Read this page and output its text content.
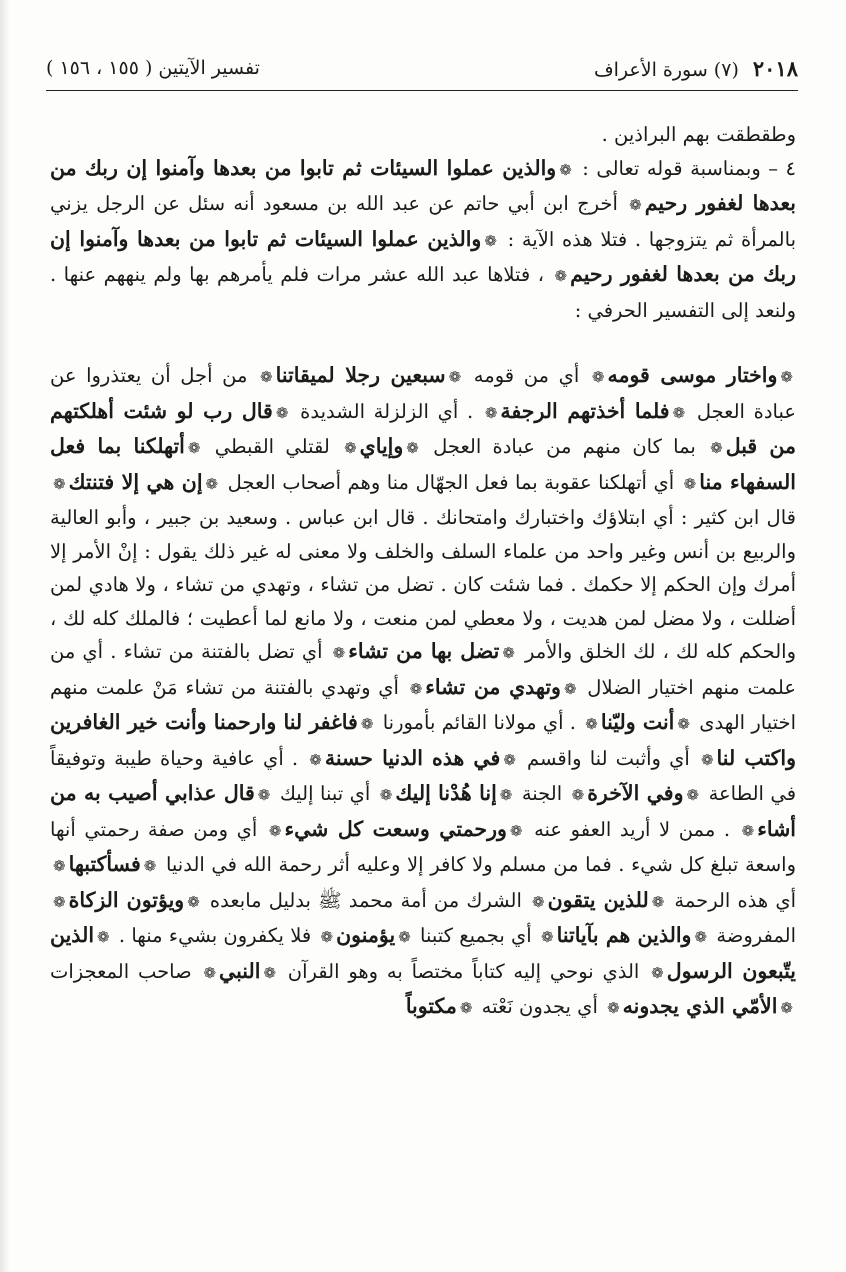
٢٠١٨
(٧) سورة الأعراف
تفسير الآيتين ( ١٥٥ ، ١٥٦ )

وطقطقت بهم البراذين .

٤ – وبمناسبة قوله تعالى : ❁والذين عملوا السيئات ثم تابوا من بعدها وآمنوا إن ربك من بعدها لغفور رحيم❁ أخرج ابن أبي حاتم عن عبد الله بن مسعود أنه سئل عن الرجل يزني بالمرأة ثم يتزوجها . فتلا هذه الآية : ❁والذين عملوا السيئات ثم تابوا من بعدها وآمنوا إن ربك من بعدها لغفور رحيم❁ ، فتلاها عبد الله عشر مرات فلم يأمرهم بها ولم ينههم عنها . ولنعد إلى التفسير الحرفي :

❁واختار موسى قومه❁ أي من قومه ❁سبعين رجلا لميقاتنا❁ من أجل أن يعتذروا عن عبادة العجل ❁فلما أخذتهم الرجفة❁ . أي الزلزلة الشديدة ❁قال رب لو شئت أهلكتهم من قبل❁ بما كان منهم من عبادة العجل ❁وإياي❁ لقتلي القبطي ❁أتهلكنا بما فعل السفهاء منا❁ أي أتهلكنا عقوبة بما فعل الجهّال منا وهم أصحاب العجل ❁إن هي إلا فتنتك❁ قال ابن كثير : أي ابتلاؤك واختبارك وامتحانك . قال ابن عباس . وسعيد بن جبير ، وأبو العالية والربيع بن أنس وغير واحد من علماء السلف والخلف ولا معنى له غير ذلك يقول : إنْ الأمر إلا أمرك وإن الحكم إلا حكمك . فما شئت كان . تضل من تشاء ، وتهدي من تشاء ، ولا هادي لمن أضللت ، ولا مضل لمن هديت ، ولا معطي لمن منعت ، ولا مانع لما أعطيت ؛ فالملك كله لك ، والحكم كله لك ، لك الخلق والأمر ❁تضل بها من تشاء❁ أي تضل بالفتنة من تشاء . أي من علمت منهم اختيار الضلال ❁وتهدي من تشاء❁ أي وتهدي بالفتنة من تشاء مَنْ علمت منهم اختيار الهدى ❁أنت وليّنا❁ . أي مولانا القائم بأمورنا ❁فاغفر لنا وارحمنا وأنت خير الغافرين واكتب لنا❁ أي وأثبت لنا واقسم ❁في هذه الدنيا حسنة❁ . أي عافية وحياة طيبة وتوفيقاً في الطاعة ❁وفي الآخرة❁ الجنة ❁إنا هُدْنا إليك❁ أي تبنا إليك ❁قال عذابي أصيب به من أشاء❁ . ممن لا أريد العفو عنه ❁ورحمتي وسعت كل شيء❁ أي ومن صفة رحمتي أنها واسعة تبلغ كل شيء . فما من مسلم ولا كافر إلا وعليه أثر رحمة الله في الدنيا ❁فسأكتبها❁ أي هذه الرحمة ❁للذين يتقون❁ الشرك من أمة محمد ﷺ بدليل مابعده ❁ويؤتون الزكاة❁ المفروضة ❁والذين هم بآياتنا❁ أي بجميع كتبنا ❁يؤمنون❁ فلا يكفرون بشيء منها . ❁الذين يتّبعون الرسول❁ الذي نوحي إليه كتاباً مختصاً به وهو القرآن ❁النبي❁ صاحب المعجزات ❁الأمّي الذي يجدونه❁ أي يجدون نَعْته ❁مكتوباً
